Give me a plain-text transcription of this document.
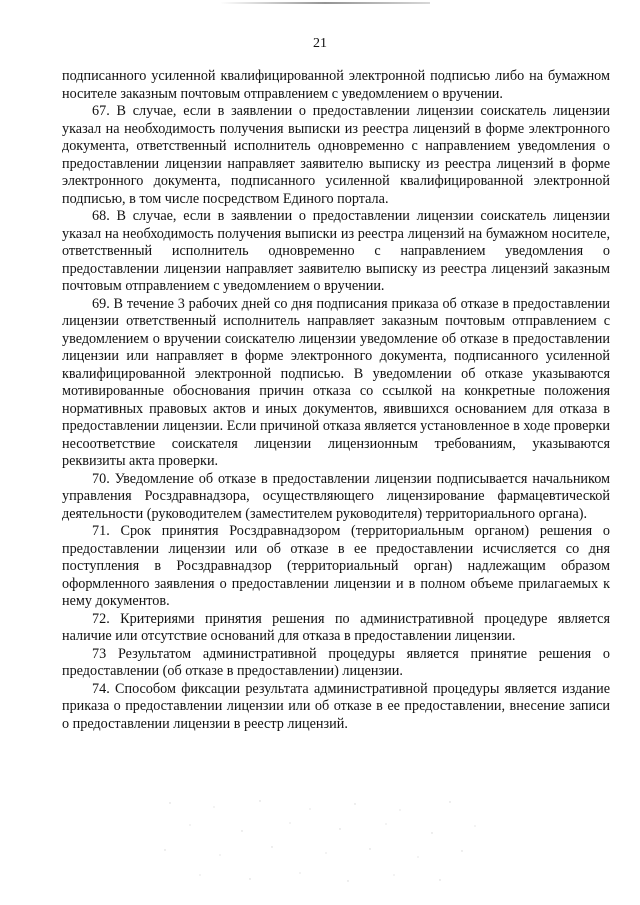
21

подписанного усиленной квалифицированной электронной подписью либо на бумажном носителе заказным почтовым отправлением с уведомлением о вручении.

67. В случае, если в заявлении о предоставлении лицензии соискатель лицензии указал на необходимость получения выписки из реестра лицензий в форме электронного документа, ответственный исполнитель одновременно с направлением уведомления о предоставлении лицензии направляет заявителю выписку из реестра лицензий в форме электронного документа, подписанного усиленной квалифицированной электронной подписью, в том числе посредством Единого портала.

68. В случае, если в заявлении о предоставлении лицензии соискатель лицензии указал на необходимость получения выписки из реестра лицензий на бумажном носителе, ответственный исполнитель одновременно с направлением уведомления о предоставлении лицензии направляет заявителю выписку из реестра лицензий заказным почтовым отправлением с уведомлением о вручении.

69. В течение 3 рабочих дней со дня подписания приказа об отказе в предоставлении лицензии ответственный исполнитель направляет заказным почтовым отправлением с уведомлением о вручении соискателю лицензии уведомление об отказе в предоставлении лицензии или направляет в форме электронного документа, подписанного усиленной квалифицированной электронной подписью. В уведомлении об отказе указываются мотивированные обоснования причин отказа со ссылкой на конкретные положения нормативных правовых актов и иных документов, явившихся основанием для отказа в предоставлении лицензии. Если причиной отказа является установленное в ходе проверки несоответствие соискателя лицензии лицензионным требованиям, указываются реквизиты акта проверки.

70. Уведомление об отказе в предоставлении лицензии подписывается начальником управления Росздравнадзора, осуществляющего лицензирование фармацевтической деятельности (руководителем (заместителем руководителя) территориального органа).

71. Срок принятия Росздравнадзором (территориальным органом) решения о предоставлении лицензии или об отказе в ее предоставлении исчисляется со дня поступления в Росздравнадзор (территориальный орган) надлежащим образом оформленного заявления о предоставлении лицензии и в полном объеме прилагаемых к нему документов.

72. Критериями принятия решения по административной процедуре является наличие или отсутствие оснований для отказа в предоставлении лицензии.

73 Результатом административной процедуры является принятие решения о предоставлении (об отказе в предоставлении) лицензии.

74. Способом фиксации результата административной процедуры является издание приказа о предоставлении лицензии или об отказе в ее предоставлении, внесение записи о предоставлении лицензии в реестр лицензий.
